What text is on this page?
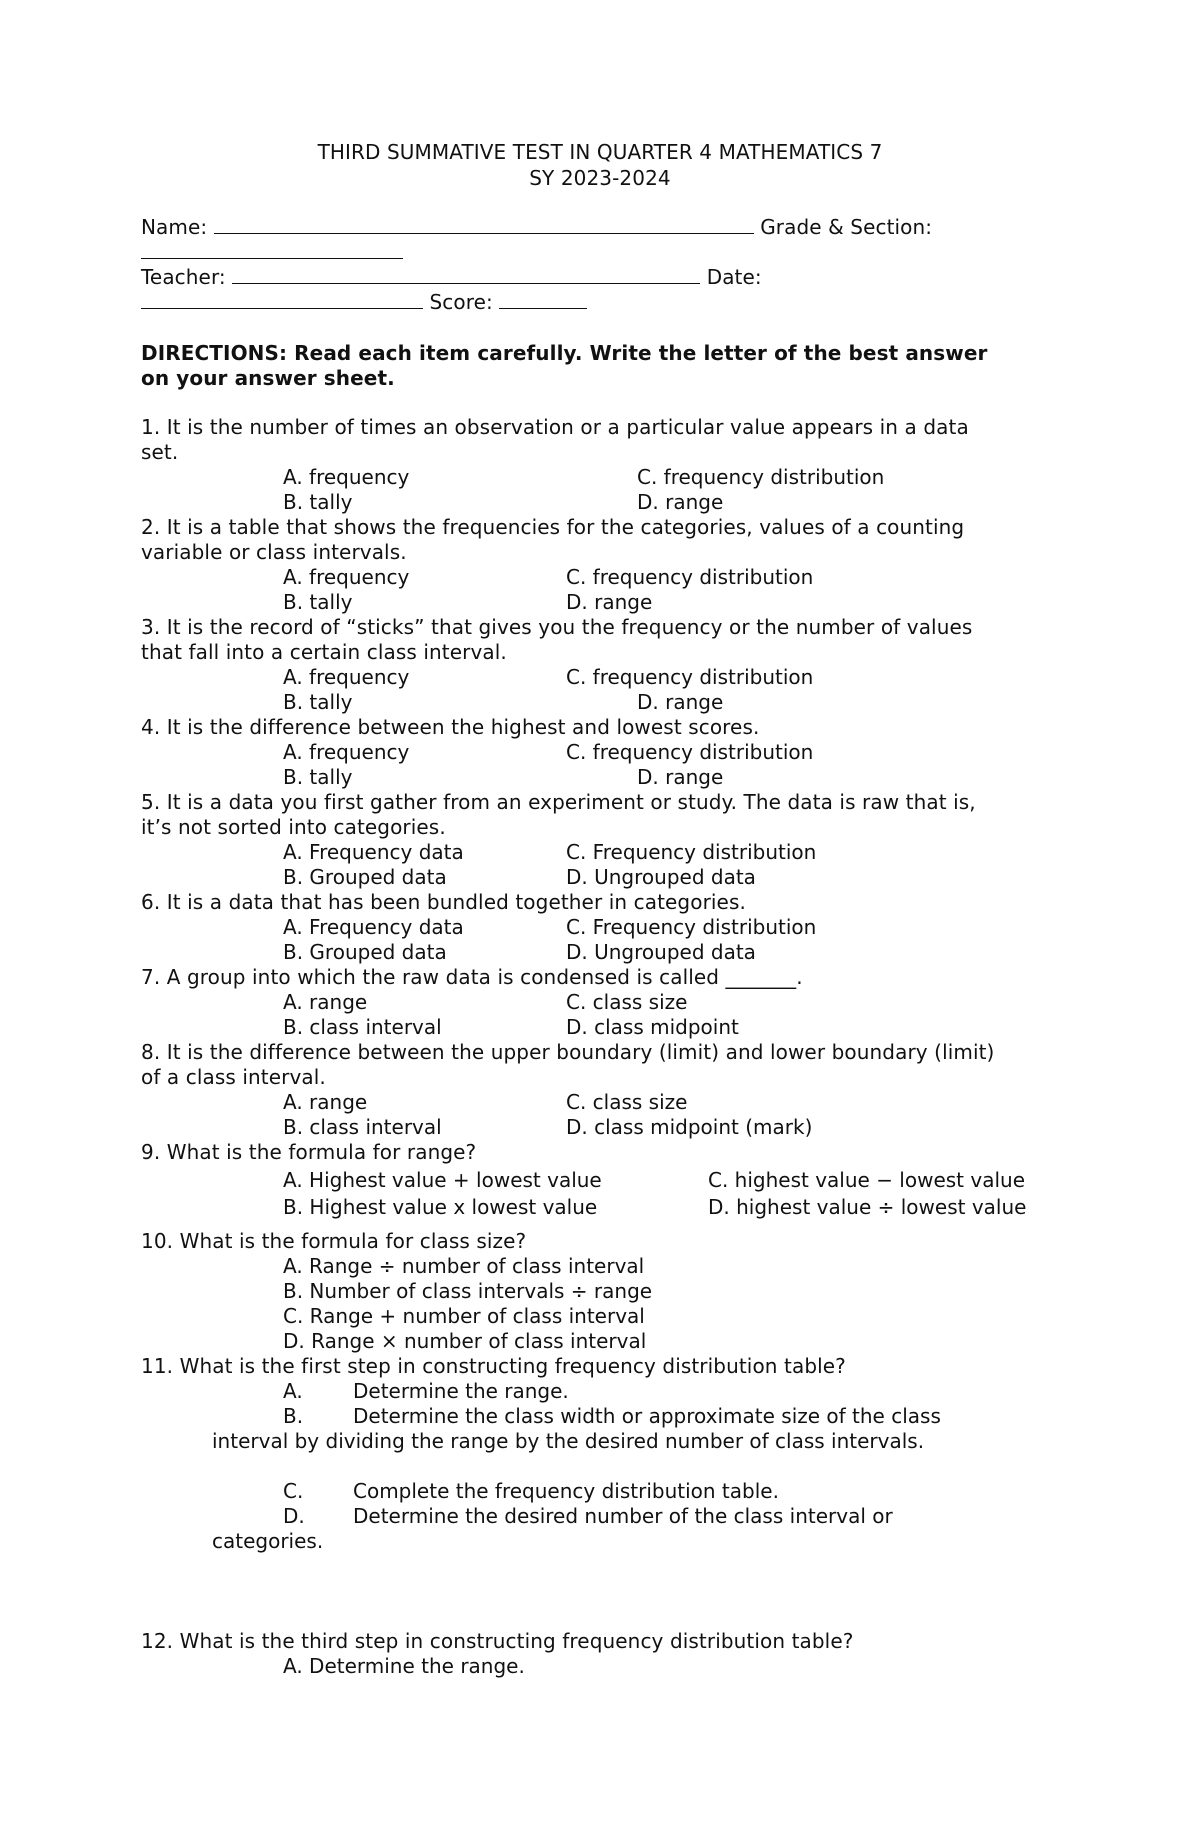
THIRD SUMMATIVE TEST IN QUARTER 4 MATHEMATICS 7
SY 2023-2024
Name:	Grade & Section:
Teacher:	Date:
Score:
DIRECTIONS: Read each item carefully. Write the letter of the best answer
on your answer sheet.
1. It is the number of times an observation or a particular value appears in a data
set.
A. frequency	C. frequency distribution
B. tally	D. range
2. It is a table that shows the frequencies for the categories, values of a counting
variable or class intervals.
A. frequency	C. frequency distribution
B. tally	D. range
3. It is the record of “sticks” that gives you the frequency or the number of values
that fall into a certain class interval.
A. frequency	C. frequency distribution
B. tally	D. range
4. It is the difference between the highest and lowest scores.
A. frequency	C. frequency distribution
B. tally	D. range
5. It is a data you first gather from an experiment or study. The data is raw that is,
it’s not sorted into categories.
A. Frequency data	C. Frequency distribution
B. Grouped data	D. Ungrouped data
6. It is a data that has been bundled together in categories.
A. Frequency data	C. Frequency distribution
B. Grouped data	D. Ungrouped data
7. A group into which the raw data is condensed is called _______.
A. range	C. class size
B. class interval	D. class midpoint
8. It is the difference between the upper boundary (limit) and lower boundary (limit)
of a class interval.
A. range	C. class size
B. class interval	D. class midpoint (mark)
9. What is the formula for range?
A. Highest value + lowest value	C. highest value − lowest value
B. Highest value x lowest value	D. highest value ÷ lowest value
10. What is the formula for class size?
A. Range ÷ number of class interval
B. Number of class intervals ÷ range
C. Range + number of class interval
D. Range × number of class interval
11. What is the first step in constructing frequency distribution table?
A.	Determine the range.
B. Determine the class width or approximate size of the class
interval by dividing the range by the desired number of class intervals.
C. Complete the frequency distribution table.
D. Determine the desired number of the class interval or
categories.
12. What is the third step in constructing frequency distribution table?
A. Determine the range.
